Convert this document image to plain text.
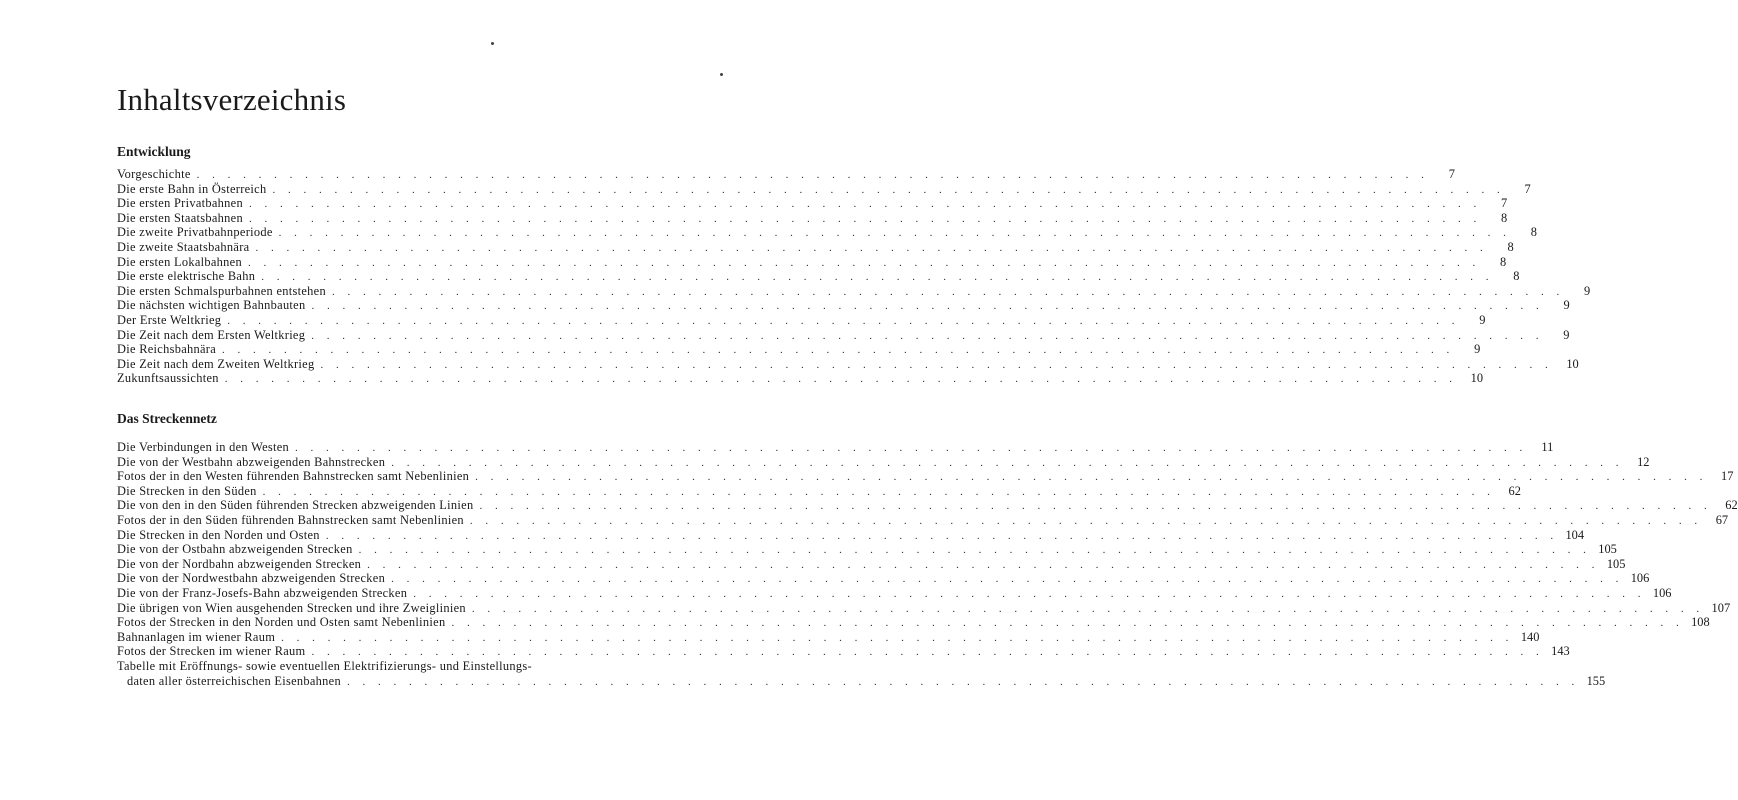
Inhaltsverzeichnis
Entwicklung
Vorgeschichte . . . . . . . . . . . . . . . . . . . . . . . . . . . . . . . . . . . . . . . . . . . . . . . . . . . . . . . . . . . . . . . . . . . . . . . . . . . . . . . .	7
Die erste Bahn in Österreich . . . . . . . . . . . . . . . . . . . . . . . . . . . . . . . . . . . . . . . . . . . . . . . . . . . . . . . . . . . . . . . . . . . . . . . . . . . . . . . .	7
Die ersten Privatbahnen . . . . . . . . . . . . . . . . . . . . . . . . . . . . . . . . . . . . . . . . . . . . . . . . . . . . . . . . . . . . . . . . . . . . . . . . . . . . . . . .	7
Die ersten Staatsbahnen . . . . . . . . . . . . . . . . . . . . . . . . . . . . . . . . . . . . . . . . . . . . . . . . . . . . . . . . . . . . . . . . . . . . . . . . . . . . . . . .	8
Die zweite Privatbahnperiode . . . . . . . . . . . . . . . . . . . . . . . . . . . . . . . . . . . . . . . . . . . . . . . . . . . . . . . . . . . . . . . . . . . . . . . . . . . . . . . .	8
Die zweite Staatsbahnära . . . . . . . . . . . . . . . . . . . . . . . . . . . . . . . . . . . . . . . . . . . . . . . . . . . . . . . . . . . . . . . . . . . . . . . . . . . . . . . .	8
Die ersten Lokalbahnen . . . . . . . . . . . . . . . . . . . . . . . . . . . . . . . . . . . . . . . . . . . . . . . . . . . . . . . . . . . . . . . . . . . . . . . . . . . . . . . .	8
Die erste elektrische Bahn . . . . . . . . . . . . . . . . . . . . . . . . . . . . . . . . . . . . . . . . . . . . . . . . . . . . . . . . . . . . . . . . . . . . . . . . . . . . . . . .	8
Die ersten Schmalspurbahnen entstehen . . . . . . . . . . . . . . . . . . . . . . . . . . . . . . . . . . . . . . . . . . . . . . . . . . . . . . . . . . . . . . . . . . . . . . . . . . . . . . . .	9
Die nächsten wichtigen Bahnbauten . . . . . . . . . . . . . . . . . . . . . . . . . . . . . . . . . . . . . . . . . . . . . . . . . . . . . . . . . . . . . . . . . . . . . . . . . . . . . . . .	9
Der Erste Weltkrieg . . . . . . . . . . . . . . . . . . . . . . . . . . . . . . . . . . . . . . . . . . . . . . . . . . . . . . . . . . . . . . . . . . . . . . . . . . . . . . . .	9
Die Zeit nach dem Ersten Weltkrieg . . . . . . . . . . . . . . . . . . . . . . . . . . . . . . . . . . . . . . . . . . . . . . . . . . . . . . . . . . . . . . . . . . . . . . . . . . . . . . . .	9
Die Reichsbahnära . . . . . . . . . . . . . . . . . . . . . . . . . . . . . . . . . . . . . . . . . . . . . . . . . . . . . . . . . . . . . . . . . . . . . . . . . . . . . . . .	9
Die Zeit nach dem Zweiten Weltkrieg . . . . . . . . . . . . . . . . . . . . . . . . . . . . . . . . . . . . . . . . . . . . . . . . . . . . . . . . . . . . . . . . . . . . . . . . . . . . . . . .	10
Zukunftsaussichten . . . . . . . . . . . . . . . . . . . . . . . . . . . . . . . . . . . . . . . . . . . . . . . . . . . . . . . . . . . . . . . . . . . . . . . . . . . . . . . .	10
Das Streckennetz
Die Verbindungen in den Westen . . . . . . . . . . . . . . . . . . . . . . . . . . . . . . . . . . . . . . . . . . . . . . . . . . . . . . . . . . . . . . . . . . . . . . . . . . . . . . . .	11
Die von der Westbahn abzweigenden Bahnstrecken . . . . . . . . . . . . . . . . . . . . . . . . . . . . . . . . . . . . . . . . . . . . . . . . . . . . . . . . . . . . . . . . . . . . . . . . . . . . . . . .	12
Fotos der in den Westen führenden Bahnstrecken samt Nebenlinien . . . . . . . . . . . . . . . . . . . . . . . . . . . . . . . . . . . . . . . . . . . . . . . . . . . . . . . . . . . . . . . . . . . . . . . . . . . . . . . .	17
Die Strecken in den Süden . . . . . . . . . . . . . . . . . . . . . . . . . . . . . . . . . . . . . . . . . . . . . . . . . . . . . . . . . . . . . . . . . . . . . . . . . . . . . . . .	62
Die von den in den Süden führenden Strecken abzweigenden Linien . . . . . . . . . . . . . . . . . . . . . . . . . . . . . . . . . . . . . . . . . . . . . . . . . . . . . . . . . . . . . . . . . . . . . . . . . . . . . . . .	62
Fotos der in den Süden führenden Bahnstrecken samt Nebenlinien . . . . . . . . . . . . . . . . . . . . . . . . . . . . . . . . . . . . . . . . . . . . . . . . . . . . . . . . . . . . . . . . . . . . . . . . . . . . . . . .	67
Die Strecken in den Norden und Osten . . . . . . . . . . . . . . . . . . . . . . . . . . . . . . . . . . . . . . . . . . . . . . . . . . . . . . . . . . . . . . . . . . . . . . . . . . . . . . . . 104
Die von der Ostbahn abzweigenden Strecken . . . . . . . . . . . . . . . . . . . . . . . . . . . . . . . . . . . . . . . . . . . . . . . . . . . . . . . . . . . . . . . . . . . . . . . . . . . . . . . . 105
Die von der Nordbahn abzweigenden Strecken . . . . . . . . . . . . . . . . . . . . . . . . . . . . . . . . . . . . . . . . . . . . . . . . . . . . . . . . . . . . . . . . . . . . . . . . . . . . . . . . 105
Die von der Nordwestbahn abzweigenden Strecken . . . . . . . . . . . . . . . . . . . . . . . . . . . . . . . . . . . . . . . . . . . . . . . . . . . . . . . . . . . . . . . . . . . . . . . . . . . . . . . . 106
Die von der Franz-Josefs-Bahn abzweigenden Strecken . . . . . . . . . . . . . . . . . . . . . . . . . . . . . . . . . . . . . . . . . . . . . . . . . . . . . . . . . . . . . . . . . . . . . . . . . . . . . . . . 106
Die übrigen von Wien ausgehenden Strecken und ihre Zweiglinien . . . . . . . . . . . . . . . . . . . . . . . . . . . . . . . . . . . . . . . . . . . . . . . . . . . . . . . . . . . . . . . . . . . . . . . . . . . . . . . . 107
Fotos der Strecken in den Norden und Osten samt Nebenlinien . . . . . . . . . . . . . . . . . . . . . . . . . . . . . . . . . . . . . . . . . . . . . . . . . . . . . . . . . . . . . . . . . . . . . . . . . . . . . . . . 108
Bahnanlagen im wiener Raum . . . . . . . . . . . . . . . . . . . . . . . . . . . . . . . . . . . . . . . . . . . . . . . . . . . . . . . . . . . . . . . . . . . . . . . . . . . . . . . . 140
Fotos der Strecken im wiener Raum . . . . . . . . . . . . . . . . . . . . . . . . . . . . . . . . . . . . . . . . . . . . . . . . . . . . . . . . . . . . . . . . . . . . . . . . . . . . . . . . 143
Tabelle mit Eröffnungs- sowie eventuellen Elektrifizierungs- und Einstellungs-
daten aller österreichischen Eisenbahnen . . . . . . . . . . . . . . . . . . . . . . . . . . . . . . . . . . . . . . . . . . . . . . . . . . . . . . . . . . . . . . . . . . . . . . . . . . . . . . . . 155
